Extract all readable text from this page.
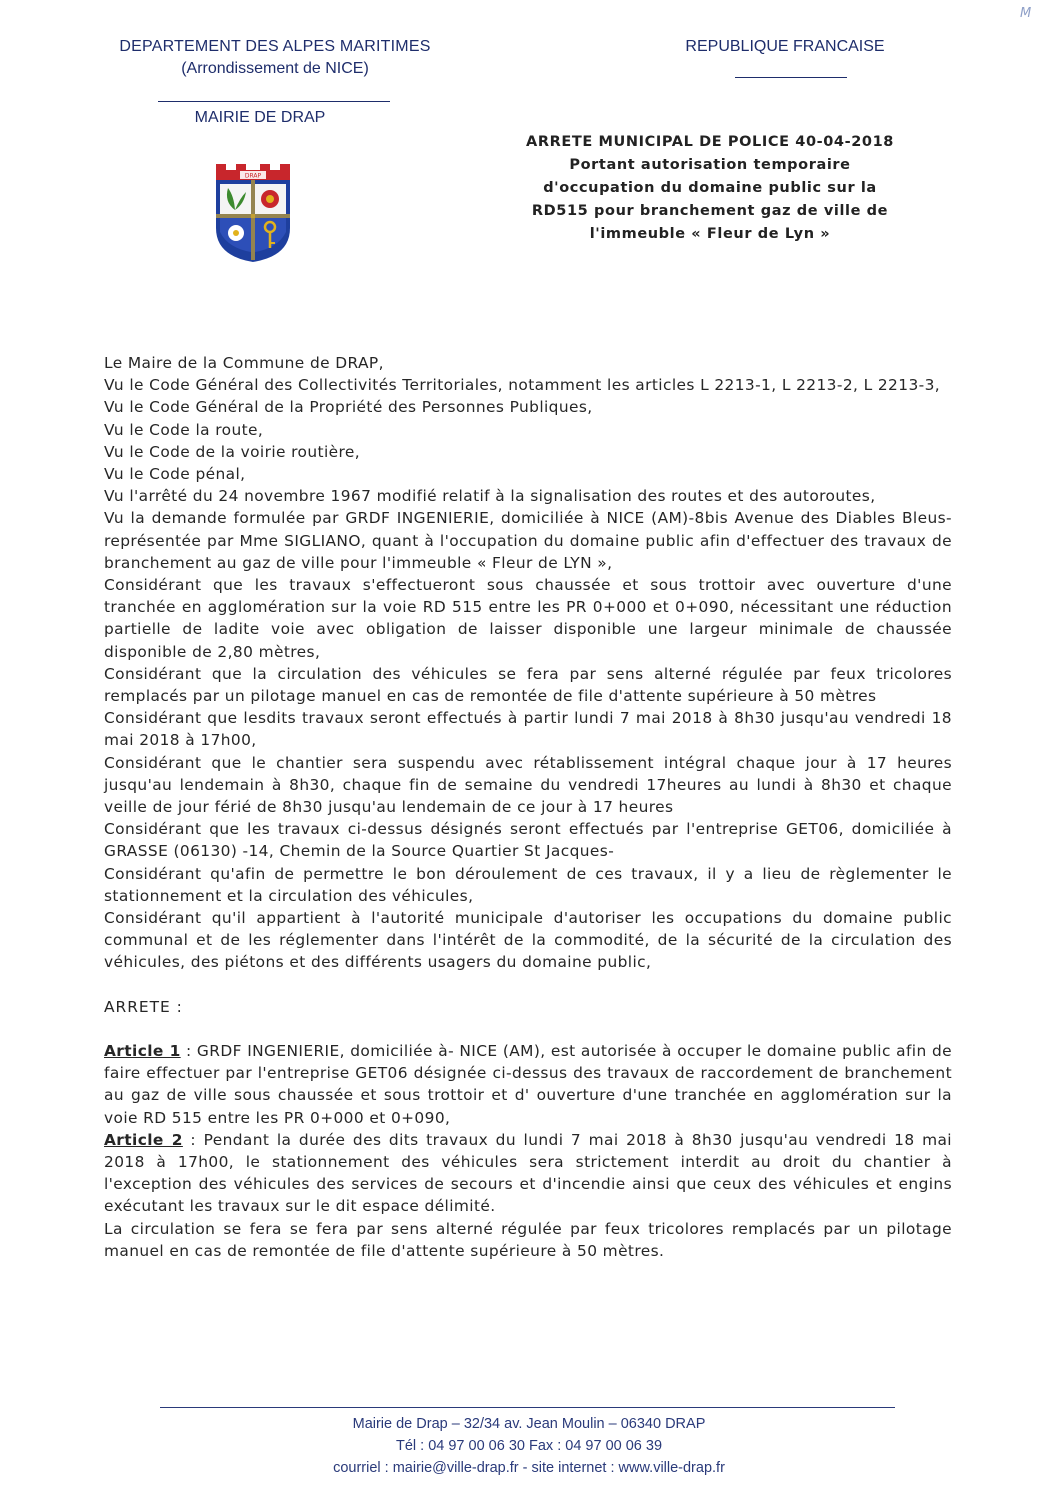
M
DEPARTEMENT DES ALPES MARITIMES
(Arrondissement de NICE)
REPUBLIQUE FRANCAISE
MAIRIE DE DRAP
DRAP
ARRETE MUNICIPAL DE POLICE 40-04-2018
Portant autorisation temporaire
d'occupation du domaine public sur la
RD515 pour branchement gaz de ville de
l'immeuble « Fleur de Lyn »

Le Maire de la Commune de DRAP,

Vu le Code Général des Collectivités Territoriales, notamment les articles L 2213-1, L 2213-2, L 2213-3,

Vu le Code Général de la Propriété des Personnes Publiques,

Vu le Code la route,

Vu le Code de la voirie routière,

Vu le Code pénal,

Vu l'arrêté du 24 novembre 1967 modifié relatif à la signalisation des routes et des autoroutes,

Vu la demande formulée par GRDF INGENIERIE, domiciliée à NICE (AM)-8bis Avenue des Diables Bleus- représentée par Mme SIGLIANO, quant à l'occupation du domaine public afin d'effectuer des travaux de branchement au gaz de ville pour l'immeuble « Fleur de LYN »,

Considérant que les travaux s'effectueront sous chaussée et sous trottoir avec ouverture d'une tranchée en agglomération sur la voie RD 515 entre les PR 0+000 et 0+090, nécessitant une réduction partielle de ladite voie avec obligation de laisser disponible une largeur minimale de chaussée disponible de 2,80 mètres,

Considérant que la circulation des véhicules se fera par sens alterné régulée par feux tricolores remplacés par un pilotage manuel en cas de remontée de file d'attente supérieure à 50 mètres

Considérant que lesdits travaux seront effectués à partir lundi 7 mai 2018 à 8h30 jusqu'au vendredi 18 mai 2018 à 17h00,

Considérant que le chantier sera suspendu avec rétablissement intégral chaque jour à 17 heures jusqu'au lendemain à 8h30, chaque fin de semaine du vendredi 17heures au lundi à 8h30 et chaque veille de jour férié de 8h30 jusqu'au lendemain de ce jour à 17 heures

Considérant que les travaux ci-dessus désignés seront effectués par l'entreprise GET06, domiciliée à GRASSE (06130) -14, Chemin de la Source Quartier St Jacques-

Considérant qu'afin de permettre le bon déroulement de ces travaux, il y a lieu de règlementer le stationnement et la circulation des véhicules,

Considérant qu'il appartient à l'autorité municipale d'autoriser les occupations du domaine public communal et de les réglementer dans l'intérêt de la commodité, de la sécurité de la circulation des véhicules, des piétons et des différents usagers du domaine public,

ARRETE :

Article 1 : GRDF INGENIERIE, domiciliée à- NICE (AM), est autorisée à occuper le domaine public afin de faire effectuer par l'entreprise GET06 désignée ci-dessus des travaux de raccordement de branchement au gaz de ville sous chaussée et sous trottoir et d' ouverture d'une tranchée en agglomération sur la voie RD 515 entre les PR 0+000 et 0+090,

Article 2 : Pendant la durée des dits travaux du lundi 7 mai 2018 à 8h30 jusqu'au vendredi 18 mai 2018 à 17h00, le stationnement des véhicules sera strictement interdit au droit du chantier à l'exception des véhicules des services de secours et d'incendie ainsi que ceux des véhicules et engins exécutant les travaux sur le dit espace délimité.

La circulation se fera se fera par sens alterné régulée par feux tricolores remplacés par un pilotage manuel en cas de remontée de file d'attente supérieure à 50 mètres.

Mairie de Drap – 32/34 av. Jean Moulin – 06340 DRAP
Tél : 04 97 00 06 30 Fax : 04 97 00 06 39
courriel : mairie@ville-drap.fr - site internet : www.ville-drap.fr
